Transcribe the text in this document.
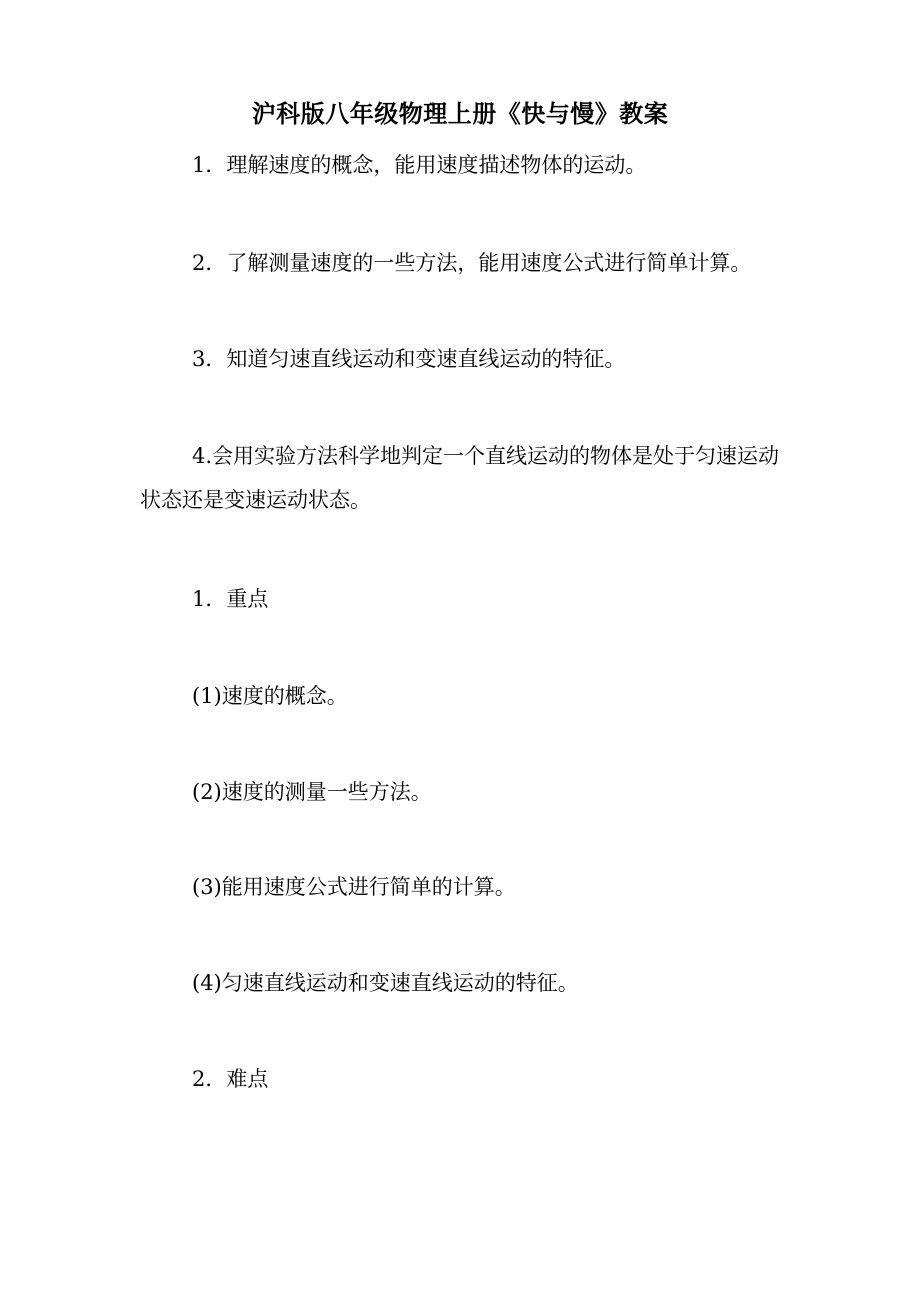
沪科版八年级物理上册《快与慢》教案

1．理解速度的概念，能用速度描述物体的运动。

2．了解测量速度的一些方法，能用速度公式进行简单计算。

3．知道匀速直线运动和变速直线运动的特征。

4.会用实验方法科学地判定一个直线运动的物体是处于匀速运动状态还是变速运动状态。

1．重点

(1)速度的概念。

(2)速度的测量一些方法。

(3)能用速度公式进行简单的计算。

(4)匀速直线运动和变速直线运动的特征。

2．难点
